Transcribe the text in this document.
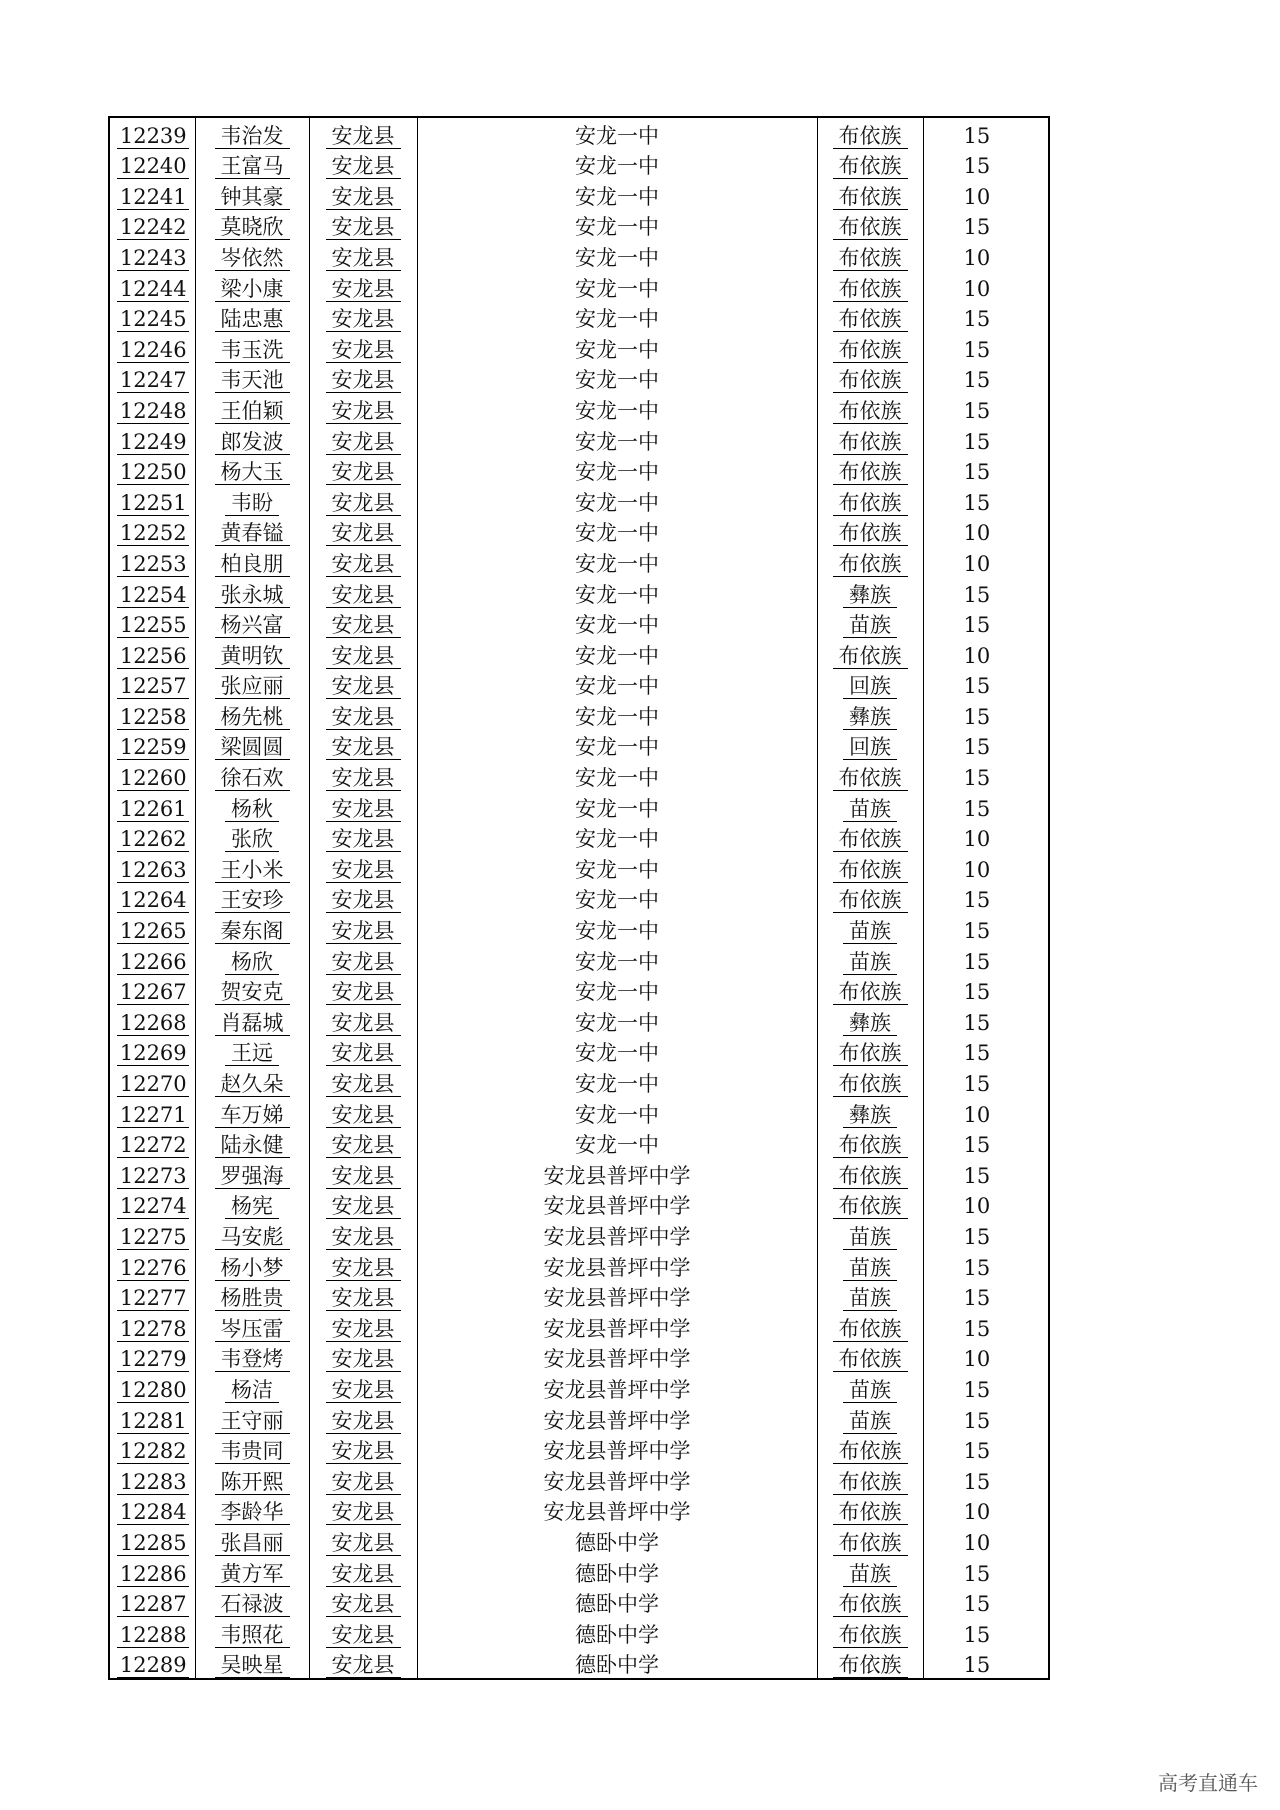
12239	韦治发	安龙县	安龙一中	布依族	15
12240	王富马	安龙县	安龙一中	布依族	15
12241	钟其豪	安龙县	安龙一中	布依族	10
12242	莫晓欣	安龙县	安龙一中	布依族	15
12243	岑依然	安龙县	安龙一中	布依族	10
12244	梁小康	安龙县	安龙一中	布依族	10
12245	陆忠惠	安龙县	安龙一中	布依族	15
12246	韦玉洗	安龙县	安龙一中	布依族	15
12247	韦天池	安龙县	安龙一中	布依族	15
12248	王伯颖	安龙县	安龙一中	布依族	15
12249	郎发波	安龙县	安龙一中	布依族	15
12250	杨大玉	安龙县	安龙一中	布依族	15
12251	韦盼	安龙县	安龙一中	布依族	15
12252	黄春镒	安龙县	安龙一中	布依族	10
12253	柏良朋	安龙县	安龙一中	布依族	10
12254	张永城	安龙县	安龙一中	彝族	15
12255	杨兴富	安龙县	安龙一中	苗族	15
12256	黄明钦	安龙县	安龙一中	布依族	10
12257	张应丽	安龙县	安龙一中	回族	15
12258	杨先桃	安龙县	安龙一中	彝族	15
12259	梁圆圆	安龙县	安龙一中	回族	15
12260	徐石欢	安龙县	安龙一中	布依族	15
12261	杨秋	安龙县	安龙一中	苗族	15
12262	张欣	安龙县	安龙一中	布依族	10
12263	王小米	安龙县	安龙一中	布依族	10
12264	王安珍	安龙县	安龙一中	布依族	15
12265	秦东阁	安龙县	安龙一中	苗族	15
12266	杨欣	安龙县	安龙一中	苗族	15
12267	贺安克	安龙县	安龙一中	布依族	15
12268	肖磊城	安龙县	安龙一中	彝族	15
12269	王远	安龙县	安龙一中	布依族	15
12270	赵久朵	安龙县	安龙一中	布依族	15
12271	车万娣	安龙县	安龙一中	彝族	10
12272	陆永健	安龙县	安龙一中	布依族	15
12273	罗强海	安龙县	安龙县普坪中学	布依族	15
12274	杨宪	安龙县	安龙县普坪中学	布依族	10
12275	马安彪	安龙县	安龙县普坪中学	苗族	15
12276	杨小梦	安龙县	安龙县普坪中学	苗族	15
12277	杨胜贵	安龙县	安龙县普坪中学	苗族	15
12278	岑压雷	安龙县	安龙县普坪中学	布依族	15
12279	韦登烤	安龙县	安龙县普坪中学	布依族	10
12280	杨洁	安龙县	安龙县普坪中学	苗族	15
12281	王守丽	安龙县	安龙县普坪中学	苗族	15
12282	韦贵同	安龙县	安龙县普坪中学	布依族	15
12283	陈开熙	安龙县	安龙县普坪中学	布依族	15
12284	李龄华	安龙县	安龙县普坪中学	布依族	10
12285	张昌丽	安龙县	德卧中学	布依族	10
12286	黄方军	安龙县	德卧中学	苗族	15
12287	石禄波	安龙县	德卧中学	布依族	15
12288	韦照花	安龙县	德卧中学	布依族	15
12289	吴映星	安龙县	德卧中学	布依族	15
高考直通车
